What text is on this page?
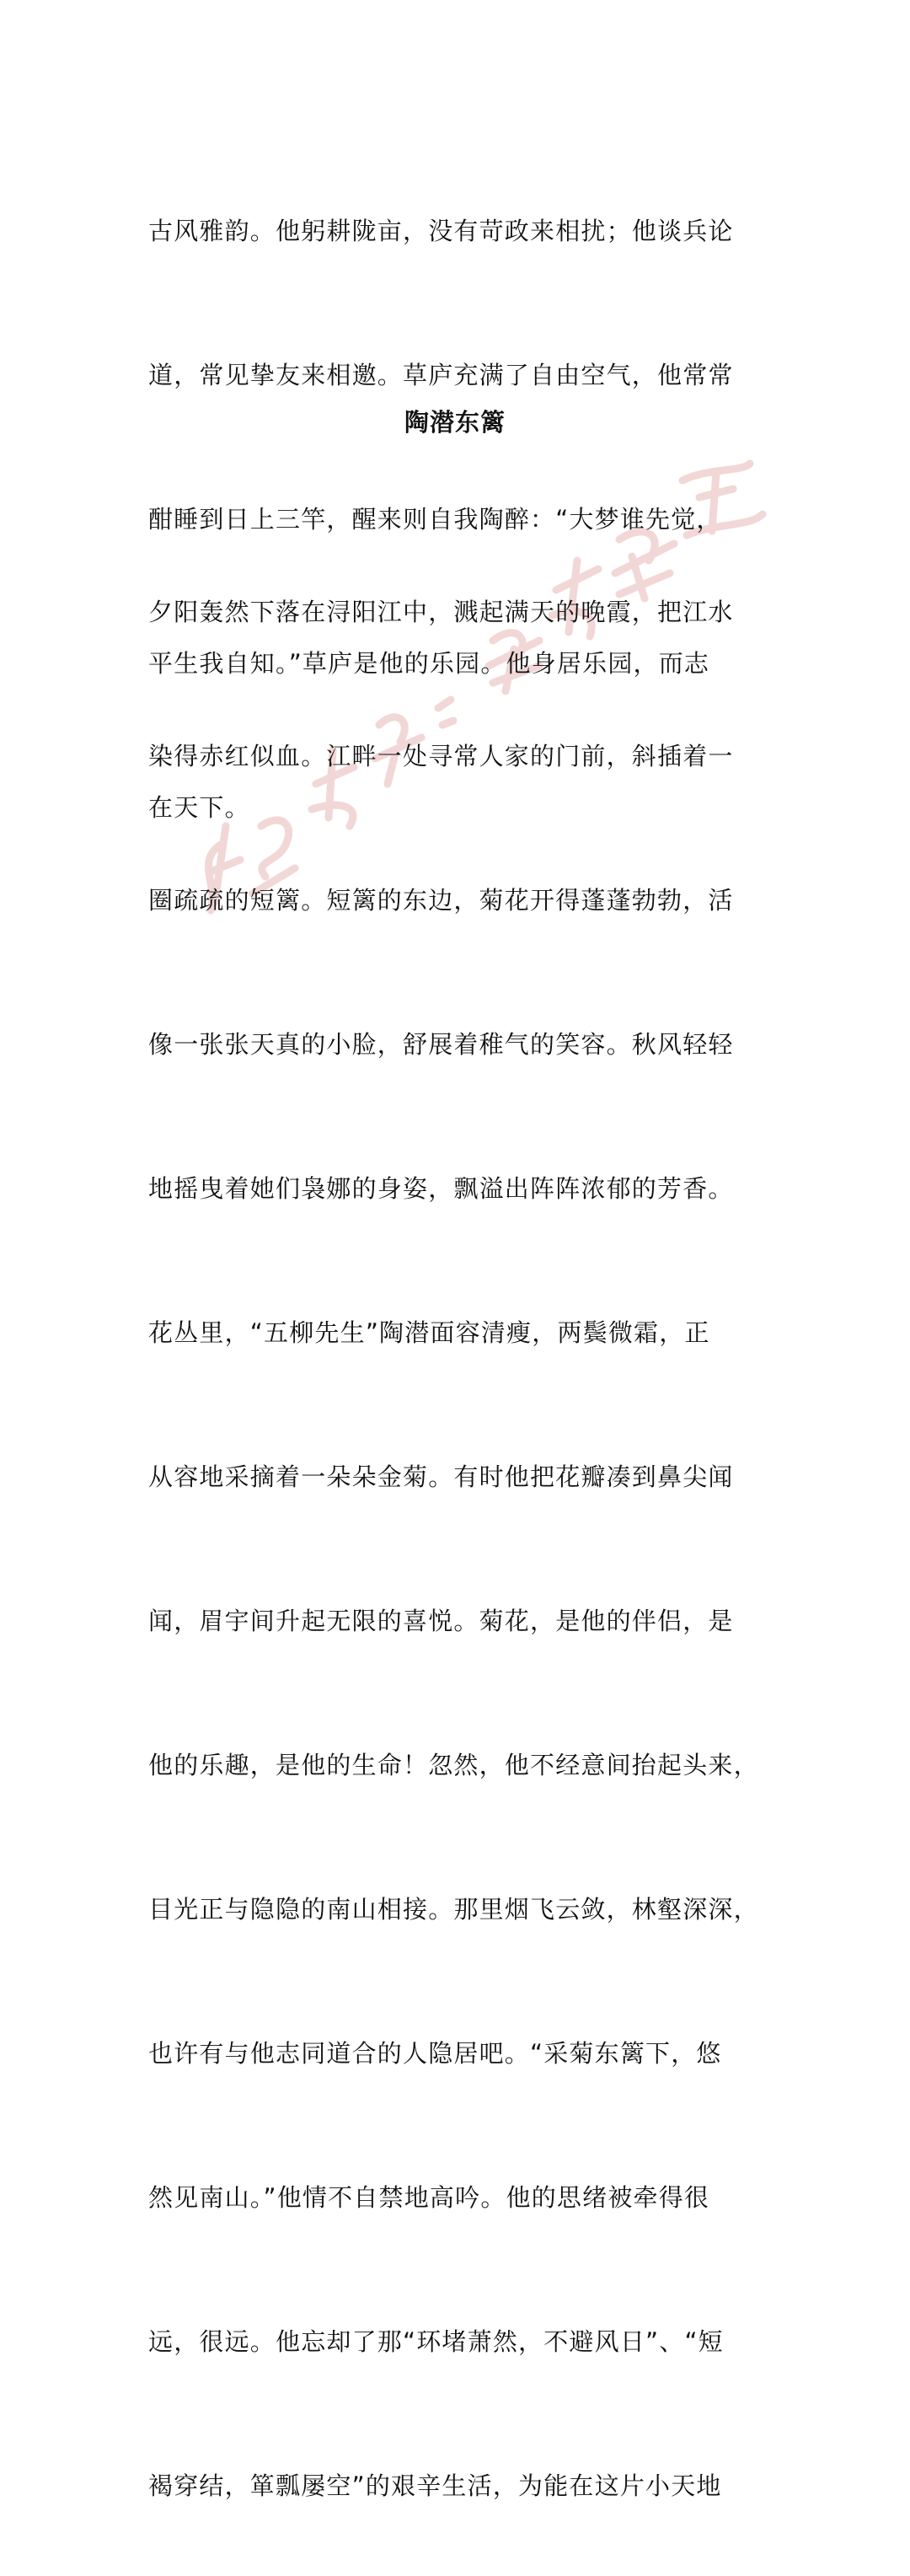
古风雅韵。他躬耕陇亩，没有苛政来相扰；他谈兵论

道，常见挚友来相邀。草庐充满了自由空气，他常常

酣睡到日上三竿，醒来则自我陶醉：“大梦谁先觉，

平生我自知。”草庐是他的乐园。他身居乐园，而志

在天下。

陶潜东篱

夕阳轰然下落在浔阳江中，溅起满天的晚霞，把江水

染得赤红似血。江畔一处寻常人家的门前，斜插着一

圈疏疏的短篱。短篱的东边，菊花开得蓬蓬勃勃，活

像一张张天真的小脸，舒展着稚气的笑容。秋风轻轻

地摇曳着她们袅娜的身姿，飘溢出阵阵浓郁的芳香。

花丛里，“五柳先生”陶潜面容清瘦，两鬓微霜，正

从容地采摘着一朵朵金菊。有时他把花瓣凑到鼻尖闻

闻，眉宇间升起无限的喜悦。菊花，是他的伴侣，是

他的乐趣，是他的生命！忽然，他不经意间抬起头来，

目光正与隐隐的南山相接。那里烟飞云敛，林壑深深，

也许有与他志同道合的人隐居吧。“采菊东篱下，悠

然见南山。”他情不自禁地高吟。他的思绪被牵得很

远，很远。他忘却了那“环堵萧然，不避风日”、“短

褐穿结，箪瓢屡空”的艰辛生活，为能在这片小天地
